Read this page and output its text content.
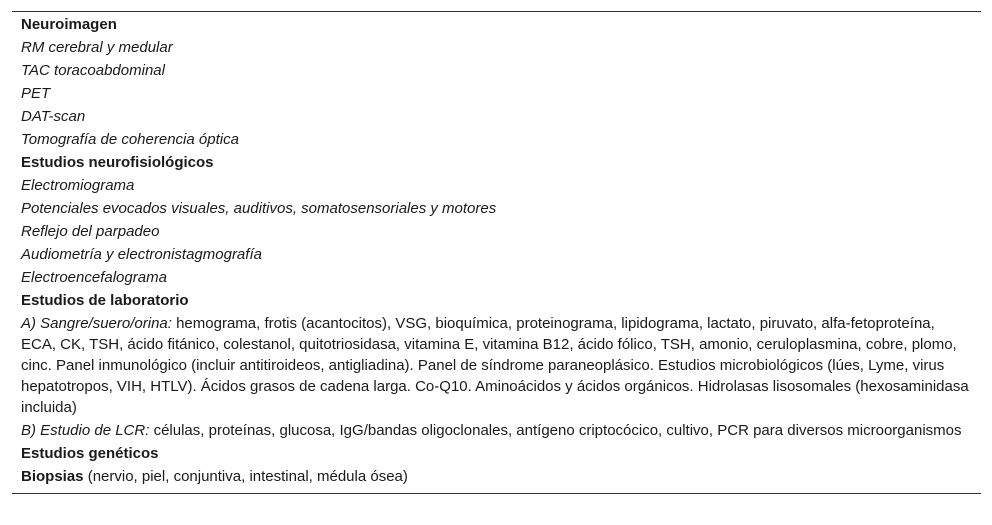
Neuroimagen
RM cerebral y medular
TAC toracoabdominal
PET
DAT-scan
Tomografía de coherencia óptica
Estudios neurofisiológicos
Electromiograma
Potenciales evocados visuales, auditivos, somatosensoriales y motores
Reflejo del parpadeo
Audiometría y electronistagmografía
Electroencefalograma
Estudios de laboratorio
A) Sangre/suero/orina: hemograma, frotis (acantocitos), VSG, bioquímica, proteinograma, lipidograma, lactato, piruvato, alfa-fetoproteína, ECA, CK, TSH, ácido fitánico, colestanol, quitotriosidasa, vitamina E, vitamina B12, ácido fólico, TSH, amonio, ceruloplasmina, cobre, plomo, cinc. Panel inmunológico (incluir antitiroideos, antigliadina). Panel de síndrome paraneoplásico. Estudios microbiológicos (lúes, Lyme, virus hepatotropos, VIH, HTLV). Ácidos grasos de cadena larga. Co-Q10. Aminoácidos y ácidos orgánicos. Hidrolasas lisosomales (hexosaminidasa incluida)
B) Estudio de LCR: células, proteínas, glucosa, IgG/bandas oligoclonales, antígeno criptocócico, cultivo, PCR para diversos microorganismos
Estudios genéticos
Biopsias (nervio, piel, conjuntiva, intestinal, médula ósea)
